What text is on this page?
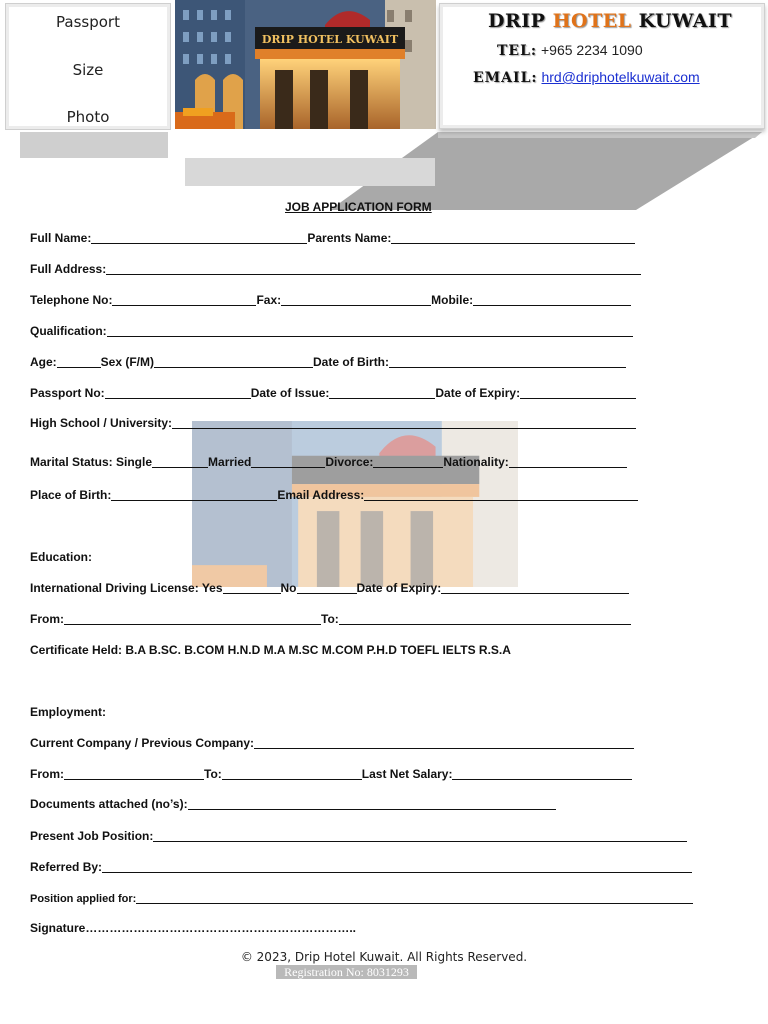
Passport
Size
Photo
DRIP HOTEL KUWAIT
DRIP HOTEL KUWAIT
TEL: +965 2234 1090
EMAIL: hrd@driphotelkuwait.com
JOB APPLICATION FORM
Full Name:	Parents Name:
Full Address:
Telephone No:	Fax:	Mobile:
Qualification:
Age:	Sex (F/M)	Date of Birth:
Passport No:	Date of Issue:	Date of Expiry:
High School / University:
Marital Status: Single	Married	Divorce:	Nationality:
Place of Birth:	Email Address:
Education:
International Driving License: Yes	No	Date of Expiry:
From:	To:
Certificate Held: B.A B.SC. B.COM H.N.D M.A M.SC M.COM P.H.D TOEFL IELTS R.S.A
Employment:
Current Company / Previous Company:
From:	To:	Last Net Salary:
Documents attached (no’s):
Present Job Position:
Referred By:
Position applied for:
Signature …………………………………………………………..
© 2023, Drip Hotel Kuwait. All Rights Reserved.
Registration No: 8031293
